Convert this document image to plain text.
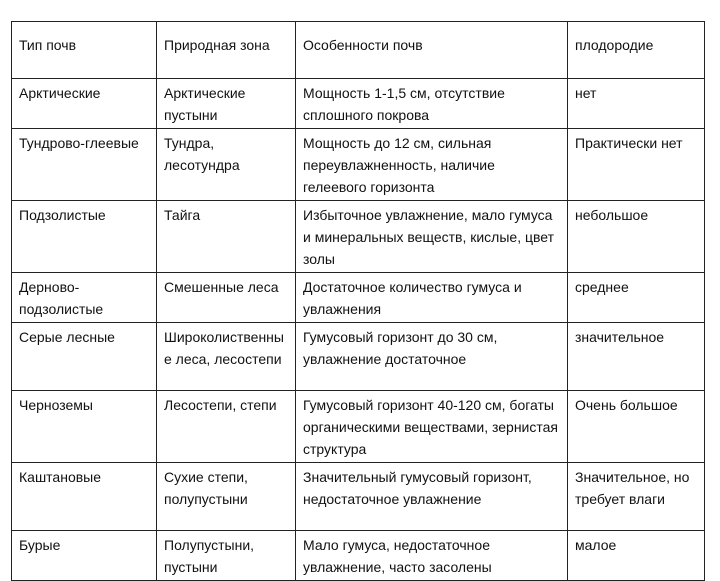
Тип почв	Природная зона	Особенности почв	плодородие
Арктические	Арктические пустыни	Мощность 1-1,5 см, отсутствие сплошного покрова	нет
Тундрово-глеевые	Тундра, лесотундра	Мощность до 12 см, сильная переувлажненность, наличие гелеевого горизонта	Практически нет
Подзолистые	Тайга	Избыточное увлажнение, мало гумуса и минеральных веществ, кислые, цвет золы	небольшое
Дерново-подзолистые	Смешенные леса	Достаточное количество гумуса и увлажнения	среднее
Серые лесные	Широколиственные леса, лесостепи	Гумусовый горизонт до 30 см, увлажнение достаточное	значительное
Черноземы	Лесостепи, степи	Гумусовый горизонт 40-120 см, богаты органическими веществами, зернистая структура	Очень большое
Каштановые	Сухие степи, полупустыни	Значительный гумусовый горизонт, недостаточное увлажнение	Значительное, но требует влаги
Бурые	Полупустыни, пустыни	Мало гумуса, недостаточное увлажнение, часто засолены	малое
